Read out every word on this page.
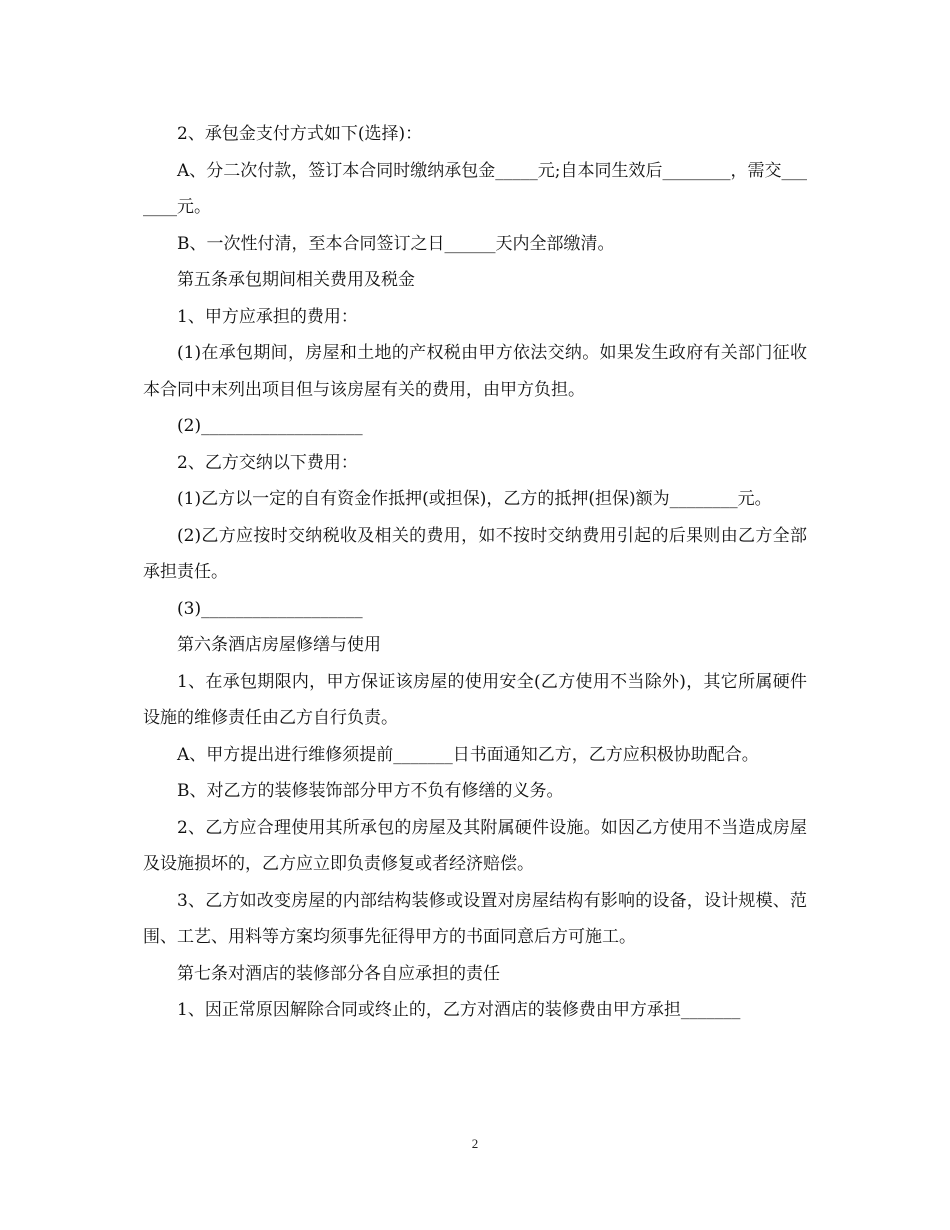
2、承包金支付方式如下(选择)：

A、分二次付款，签订本合同时缴纳承包金_____元;自本同生效后________，需交_______元。

B、一次性付清，至本合同签订之日______天内全部缴清。

第五条承包期间相关费用及税金

1、甲方应承担的费用：

(1)在承包期间，房屋和土地的产权税由甲方依法交纳。如果发生政府有关部门征收本合同中末列出项目但与该房屋有关的费用，由甲方负担。

(2)___________________

2、乙方交纳以下费用：

(1)乙方以一定的自有资金作抵押(或担保)，乙方的抵押(担保)额为________元。

(2)乙方应按时交纳税收及相关的费用，如不按时交纳费用引起的后果则由乙方全部承担责任。

(3)___________________

第六条酒店房屋修缮与使用

1、在承包期限内，甲方保证该房屋的使用安全(乙方使用不当除外)，其它所属硬件设施的维修责任由乙方自行负责。

A、甲方提出进行维修须提前_______日书面通知乙方，乙方应积极协助配合。

B、对乙方的装修装饰部分甲方不负有修缮的义务。

2、乙方应合理使用其所承包的房屋及其附属硬件设施。如因乙方使用不当造成房屋及设施损坏的，乙方应立即负责修复或者经济赔偿。

3、乙方如改变房屋的内部结构装修或设置对房屋结构有影响的设备，设计规模、范围、工艺、用料等方案均须事先征得甲方的书面同意后方可施工。

第七条对酒店的装修部分各自应承担的责任

1、因正常原因解除合同或终止的，乙方对酒店的装修费由甲方承担_______

2
